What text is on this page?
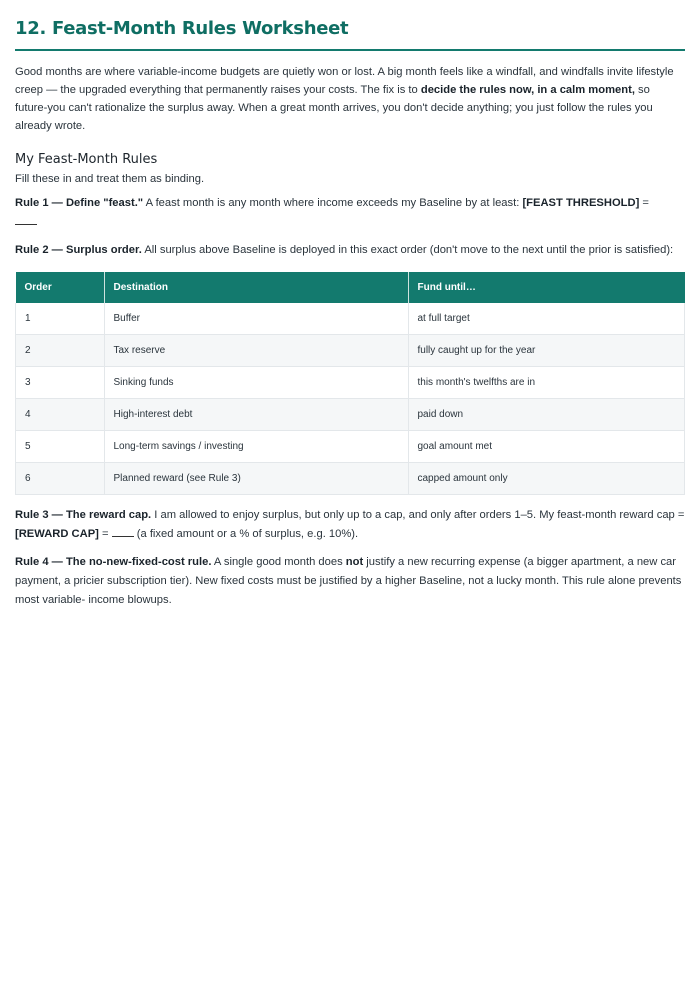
12. Feast-Month Rules Worksheet

Good months are where variable-income budgets are quietly won or lost. A big month feels like a windfall, and windfalls invite lifestyle creep — the upgraded everything that permanently raises your costs. The fix is to decide the rules now, in a calm moment, so future-you can't rationalize the surplus away. When a great month arrives, you don't decide anything; you just follow the rules you already wrote.

My Feast-Month Rules

Fill these in and treat them as binding.

Rule 1 — Define "feast." A feast month is any month where income exceeds my Baseline by at least: [FEAST THRESHOLD] =

Rule 2 — Surplus order. All surplus above Baseline is deployed in this exact order (don't move to the next until the prior is satisfied):

Order	Destination	Fund until…
1	Buffer	at full target
2	Tax reserve	fully caught up for the year
3	Sinking funds	this month's twelfths are in
4	High-interest debt	paid down
5	Long-term savings / investing	goal amount met
6	Planned reward (see Rule 3)	capped amount only

Rule 3 — The reward cap. I am allowed to enjoy surplus, but only up to a cap, and only after orders 1–5. My feast-month reward cap = [REWARD CAP] =  (a fixed amount or a % of surplus, e.g. 10%).

Rule 4 — The no-new-fixed-cost rule. A single good month does not justify a new recurring expense (a bigger apartment, a new car payment, a pricier subscription tier). New fixed costs must be justified by a higher Baseline, not a lucky month. This rule alone prevents most variable- income blowups.
